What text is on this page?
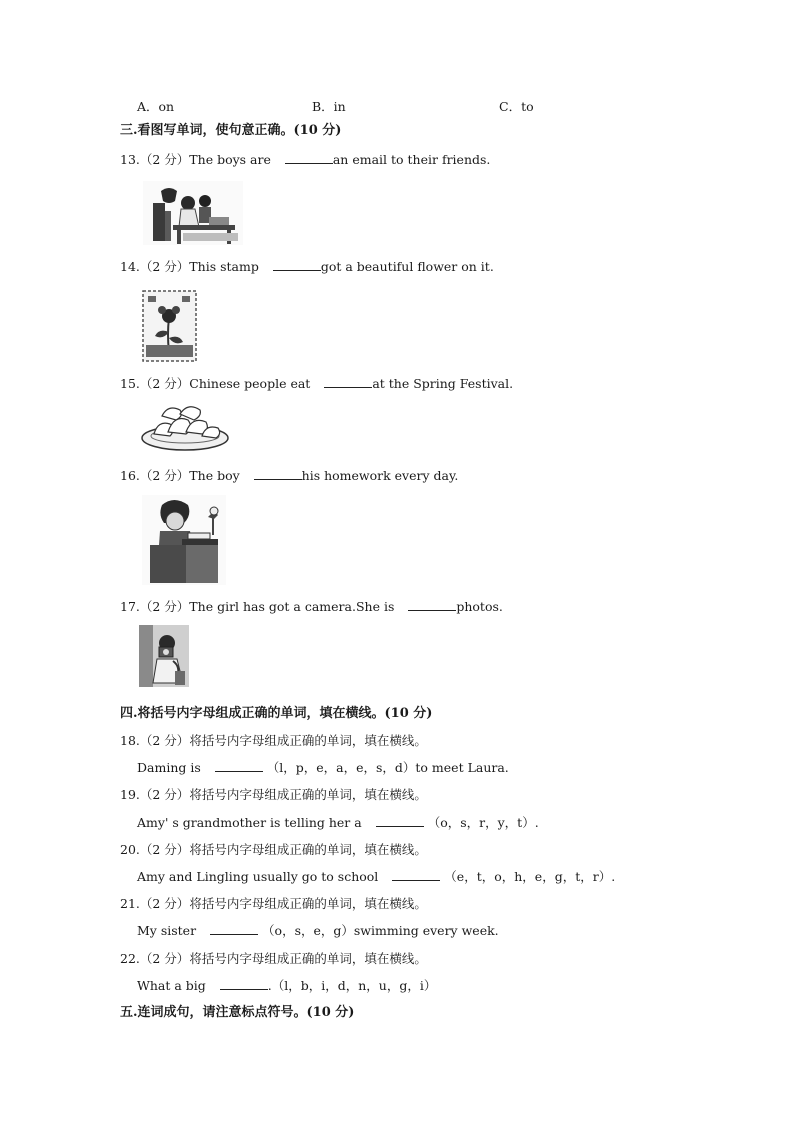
A．on	B．in	C．to
三.看图写单词，使句意正确。(10 分)
13.（2 分）The boys are	an email to their friends.
14.（2 分）This stamp	got a beautiful flower on it.
15.（2 分）Chinese people eat	at the Spring Festival.
16.（2 分）The boy	his homework every day.
17.（2 分）The girl has got a camera.She is	photos.
四.将括号内字母组成正确的单词，填在横线。(10 分)
18.（2 分）将括号内字母组成正确的单词，填在横线。
Daming is	（l，p，e，a，e，s，d）to meet Laura.
19.（2 分）将括号内字母组成正确的单词，填在横线。
Amy' s grandmother is telling her a	（o，s，r，y，t）.
20.（2 分）将括号内字母组成正确的单词，填在横线。
Amy and Lingling usually go to school	（e，t，o，h，e，g，t，r）.
21.（2 分）将括号内字母组成正确的单词，填在横线。
My sister	（o，s，e，g）swimming every week.
22.（2 分）将括号内字母组成正确的单词，填在横线。
What a big	.（l，b，i，d，n，u，g，i）
五.连词成句，请注意标点符号。(10 分)
